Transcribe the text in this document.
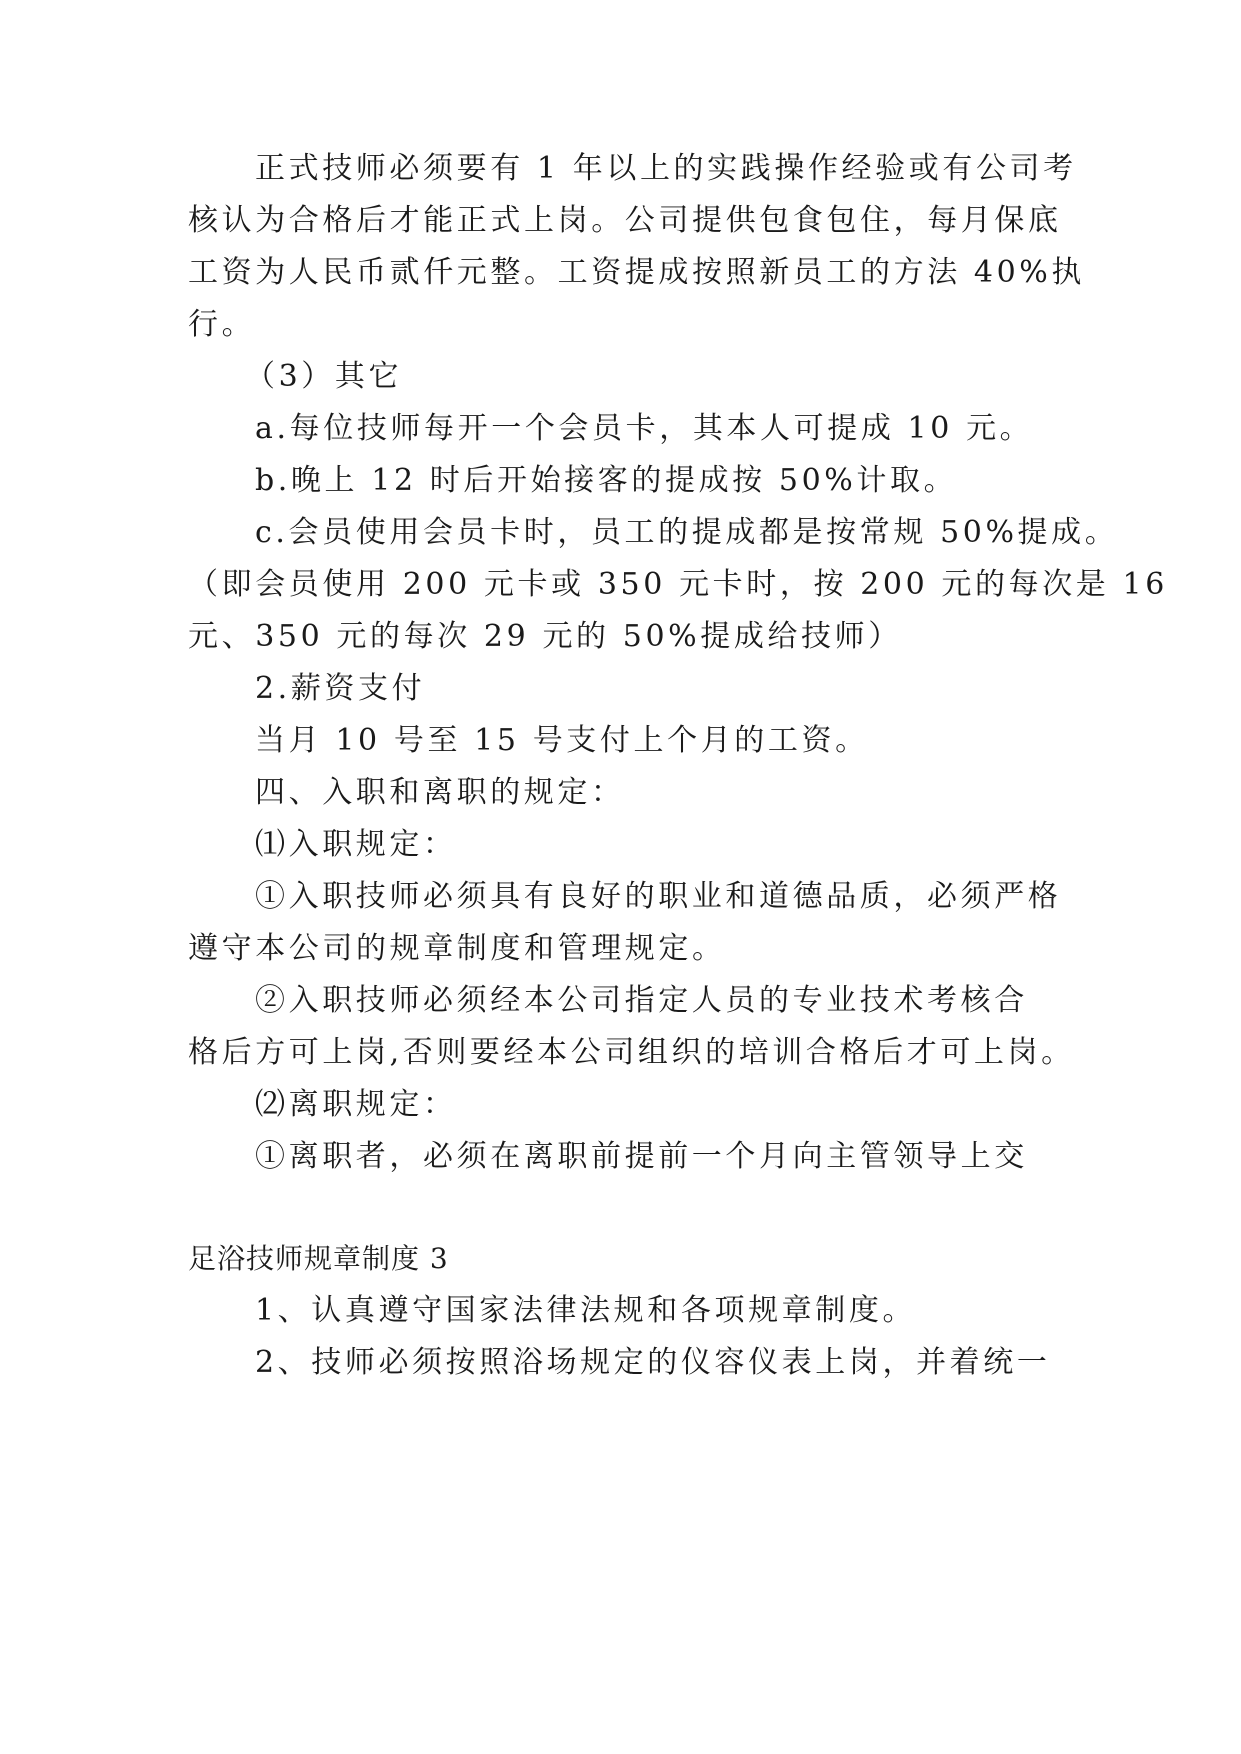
正式技师必须要有 1 年以上的实践操作经验或有公司考
核认为合格后才能正式上岗。公司提供包食包住，每月保底
工资为人民币贰仟元整。工资提成按照新员工的方法 40%执
行。
（3）其它
a.每位技师每开一个会员卡，其本人可提成 10 元。
b.晚上 12 时后开始接客的提成按 50%计取。
c.会员使用会员卡时，员工的提成都是按常规 50%提成。
（即会员使用 200 元卡或 350 元卡时，按 200 元的每次是 16
元、350 元的每次 29 元的 50%提成给技师）
2.薪资支付
当月 10 号至 15 号支付上个月的工资。
四、入职和离职的规定：
⑴入职规定：
①入职技师必须具有良好的职业和道德品质，必须严格
遵守本公司的规章制度和管理规定。
②入职技师必须经本公司指定人员的专业技术考核合
格后方可上岗,否则要经本公司组织的培训合格后才可上岗。
⑵离职规定：
①离职者，必须在离职前提前一个月向主管领导上交
足浴技师规章制度 3
1、认真遵守国家法律法规和各项规章制度。
2、技师必须按照浴场规定的仪容仪表上岗，并着统一
